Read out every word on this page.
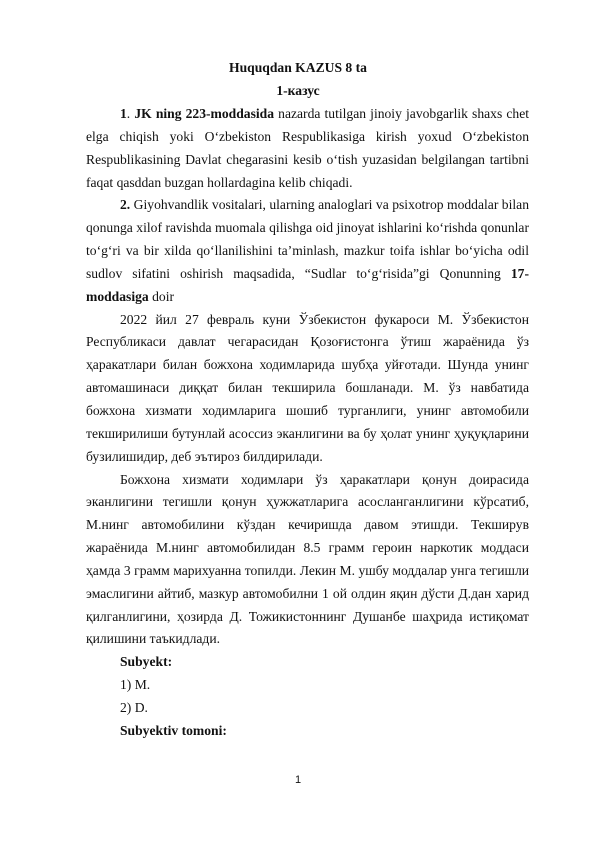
Huquqdan KAZUS 8 ta
1-казус

1. JK ning 223-moddasida nazarda tutilgan jinoiy javobgarlik shaxs chet elga chiqish yoki O‘zbekiston Respublikasiga kirish yoxud O‘zbekiston Respublikasining Davlat chegarasini kesib o‘tish yuzasidan belgilangan tartibni faqat qasddan buzgan hollardagina kelib chiqadi.

2. Giyohvandlik vositalari, ularning analoglari va psixotrop moddalar bilan qonunga xilof ravishda muomala qilishga oid jinoyat ishlarini ko‘rishda qonunlar to‘g‘ri va bir xilda qo‘llanilishini ta’minlash, mazkur toifa ishlar bo‘yicha odil sudlov sifatini oshirish maqsadida, “Sudlar to‘g‘risida”gi Qonunning 17-moddasiga doir

2022 йил 27 февраль куни Ўзбекистон фукароси М. Ўзбекистон Республикаси давлат чегарасидан Қозоғистонга ўтиш жараёнида ўз ҳаракатлари билан божхона ходимларида шубҳа уйғотади. Шунда унинг автомашинаси диққат билан текширила бошланади. М. ўз навбатида божхона хизмати ходимларига шошиб турганлиги, унинг автомобили текширилиши бутунлай асоссиз эканлигини ва бу ҳолат унинг ҳуқуқларини бузилишидир, деб эътироз билдирилади.

Божхона хизмати ходимлари ўз ҳаракатлари қонун доирасида эканлигини тегишли қонун ҳужжатларига асосланганлигини кўрсатиб, М.нинг автомобилини кўздан кечиришда давом этишди. Текширув жараёнида М.нинг автомобилидан 8.5 грамм героин наркотик моддаси ҳамда 3 грамм марихуанна топилди. Лекин М. ушбу моддалар унга тегишли эмаслигини айтиб, мазкур автомобилни 1 ой олдин яқин дўсти Д.дан харид қилганлигини, ҳозирда Д. Тожикистоннинг Душанбе шаҳрида истиқомат қилишини таъкидлади.

Subyekt:
1) M.
2) D.
Subyektiv tomoni:
1
